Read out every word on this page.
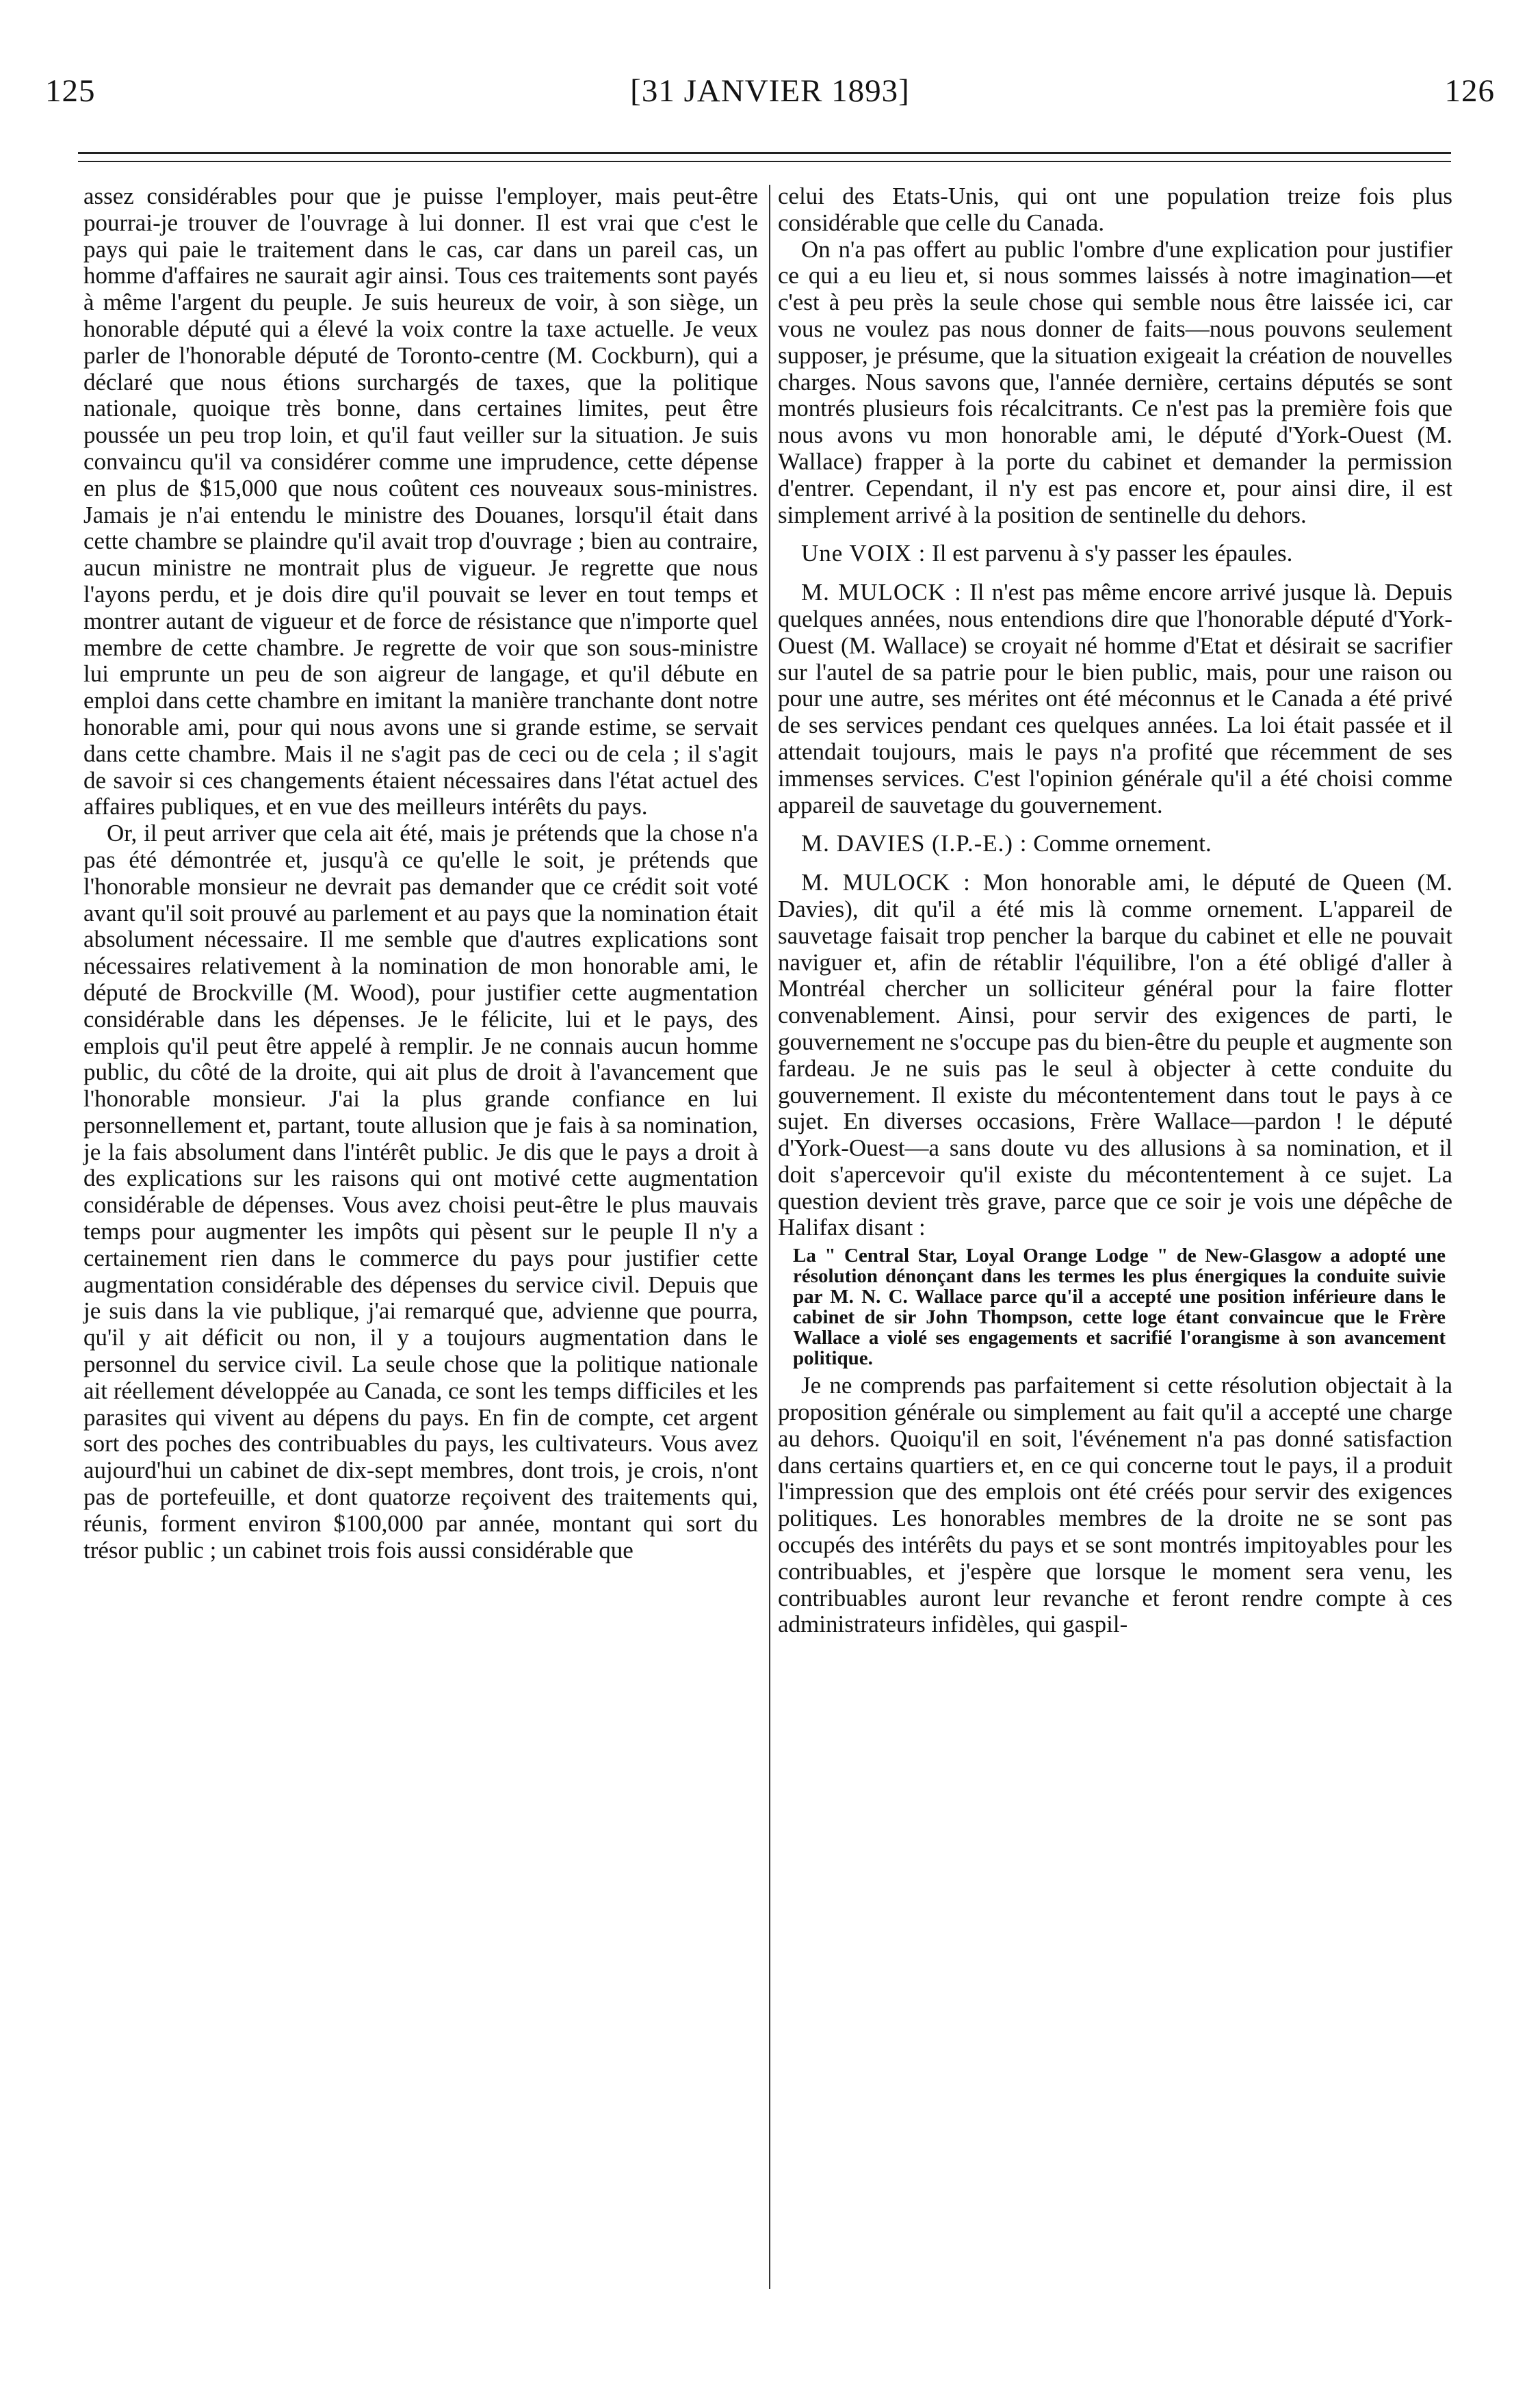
125	[31 JANVIER 1893]	126

assez considérables pour que je puisse l'employer, mais peut-être pourrai-je trouver de l'ouvrage à lui donner. Il est vrai que c'est le pays qui paie le traitement dans le cas, car dans un pareil cas, un homme d'affaires ne saurait agir ainsi. Tous ces traitements sont payés à même l'argent du peuple. Je suis heureux de voir, à son siège, un honorable député qui a élevé la voix contre la taxe actuelle. Je veux parler de l'honorable député de Toronto-centre (M. Cockburn), qui a déclaré que nous étions surchargés de taxes, que la politique nationale, quoique très bonne, dans certaines limites, peut être poussée un peu trop loin, et qu'il faut veiller sur la situation. Je suis convaincu qu'il va considérer comme une imprudence, cette dépense en plus de $15,000 que nous coûtent ces nouveaux sous-ministres. Jamais je n'ai entendu le ministre des Douanes, lorsqu'il était dans cette chambre se plaindre qu'il avait trop d'ouvrage ; bien au contraire, aucun ministre ne montrait plus de vigueur. Je regrette que nous l'ayons perdu, et je dois dire qu'il pouvait se lever en tout temps et montrer autant de vigueur et de force de résistance que n'importe quel membre de cette chambre. Je regrette de voir que son sous-ministre lui emprunte un peu de son aigreur de langage, et qu'il débute en emploi dans cette chambre en imitant la manière tranchante dont notre honorable ami, pour qui nous avons une si grande estime, se servait dans cette chambre. Mais il ne s'agit pas de ceci ou de cela ; il s'agit de savoir si ces changements étaient nécessaires dans l'état actuel des affaires publiques, et en vue des meilleurs intérêts du pays.

Or, il peut arriver que cela ait été, mais je prétends que la chose n'a pas été démontrée et, jusqu'à ce qu'elle le soit, je prétends que l'honorable monsieur ne devrait pas demander que ce crédit soit voté avant qu'il soit prouvé au parlement et au pays que la nomination était absolument nécessaire. Il me semble que d'autres explications sont nécessaires relativement à la nomination de mon honorable ami, le député de Brockville (M. Wood), pour justifier cette augmentation considérable dans les dépenses. Je le félicite, lui et le pays, des emplois qu'il peut être appelé à remplir. Je ne connais aucun homme public, du côté de la droite, qui ait plus de droit à l'avancement que l'honorable monsieur. J'ai la plus grande confiance en lui personnellement et, partant, toute allusion que je fais à sa nomination, je la fais absolument dans l'intérêt public. Je dis que le pays a droit à des explications sur les raisons qui ont motivé cette augmentation considérable de dépenses. Vous avez choisi peut-être le plus mauvais temps pour augmenter les impôts qui pèsent sur le peuple Il n'y a certainement rien dans le commerce du pays pour justifier cette augmentation considérable des dépenses du service civil. Depuis que je suis dans la vie publique, j'ai remarqué que, advienne que pourra, qu'il y ait déficit ou non, il y a toujours augmentation dans le personnel du service civil. La seule chose que la politique nationale ait réellement développée au Canada, ce sont les temps difficiles et les parasites qui vivent au dépens du pays. En fin de compte, cet argent sort des poches des contribuables du pays, les cultivateurs. Vous avez aujourd'hui un cabinet de dix-sept membres, dont trois, je crois, n'ont pas de portefeuille, et dont quatorze reçoivent des traitements qui, réunis, forment environ $100,000 par année, montant qui sort du trésor public ; un cabinet trois fois aussi considérable que

celui des Etats-Unis, qui ont une population treize fois plus considérable que celle du Canada.

On n'a pas offert au public l'ombre d'une explication pour justifier ce qui a eu lieu et, si nous sommes laissés à notre imagination—et c'est à peu près la seule chose qui semble nous être laissée ici, car vous ne voulez pas nous donner de faits—nous pouvons seulement supposer, je présume, que la situation exigeait la création de nouvelles charges. Nous savons que, l'année dernière, certains députés se sont montrés plusieurs fois récalcitrants. Ce n'est pas la première fois que nous avons vu mon honorable ami, le député d'York-Ouest (M. Wallace) frapper à la porte du cabinet et demander la permission d'entrer. Cependant, il n'y est pas encore et, pour ainsi dire, il est simplement arrivé à la position de sentinelle du dehors.

Une VOIX : Il est parvenu à s'y passer les épaules.

M. MULOCK : Il n'est pas même encore arrivé jusque là. Depuis quelques années, nous entendions dire que l'honorable député d'York-Ouest (M. Wallace) se croyait né homme d'Etat et désirait se sacrifier sur l'autel de sa patrie pour le bien public, mais, pour une raison ou pour une autre, ses mérites ont été méconnus et le Canada a été privé de ses services pendant ces quelques années. La loi était passée et il attendait toujours, mais le pays n'a profité que récemment de ses immenses services. C'est l'opinion générale qu'il a été choisi comme appareil de sauvetage du gouvernement.

M. DAVIES (I.P.-E.) : Comme ornement.

M. MULOCK : Mon honorable ami, le député de Queen (M. Davies), dit qu'il a été mis là comme ornement. L'appareil de sauvetage faisait trop pencher la barque du cabinet et elle ne pouvait naviguer et, afin de rétablir l'équilibre, l'on a été obligé d'aller à Montréal chercher un solliciteur général pour la faire flotter convenablement. Ainsi, pour servir des exigences de parti, le gouvernement ne s'occupe pas du bien-être du peuple et augmente son fardeau. Je ne suis pas le seul à objecter à cette conduite du gouvernement. Il existe du mécontentement dans tout le pays à ce sujet. En diverses occasions, Frère Wallace—pardon ! le député d'York-Ouest—a sans doute vu des allusions à sa nomination, et il doit s'apercevoir qu'il existe du mécontentement à ce sujet. La question devient très grave, parce que ce soir je vois une dépêche de Halifax disant :

La " Central Star, Loyal Orange Lodge " de New-Glasgow a adopté une résolution dénonçant dans les termes les plus énergiques la conduite suivie par M. N. C. Wallace parce qu'il a accepté une position inférieure dans le cabinet de sir John Thompson, cette loge étant convaincue que le Frère Wallace a violé ses engagements et sacrifié l'orangisme à son avancement politique.

Je ne comprends pas parfaitement si cette résolution objectait à la proposition générale ou simplement au fait qu'il a accepté une charge au dehors. Quoiqu'il en soit, l'événement n'a pas donné satisfaction dans certains quartiers et, en ce qui concerne tout le pays, il a produit l'impression que des emplois ont été créés pour servir des exigences politiques. Les honorables membres de la droite ne se sont pas occupés des intérêts du pays et se sont montrés impitoyables pour les contribuables, et j'espère que lorsque le moment sera venu, les contribuables auront leur revanche et feront rendre compte à ces administrateurs infidèles, qui gaspil-
